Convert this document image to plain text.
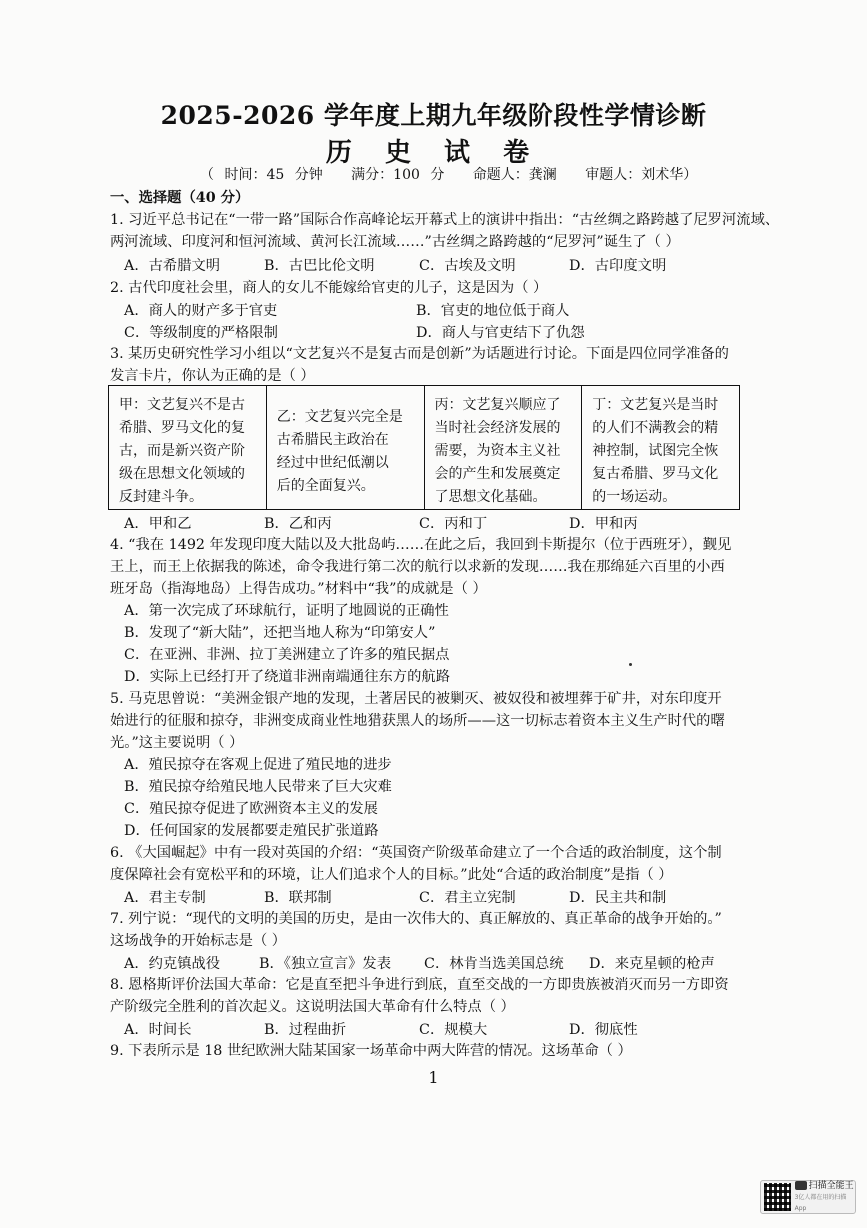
2025-2026 学年度上期九年级阶段性学情诊断
历 史 试 卷
（ 时间：45 分钟 满分：100 分 命题人：龚澜 审题人：刘术华）
一、选择题（40 分）
1. 习近平总书记在“一带一路”国际合作高峰论坛开幕式上的演讲中指出：“古丝绸之路跨越了尼罗河流域、
两河流域、印度河和恒河流域、黄河长江流域……”古丝绸之路跨越的“尼罗河”诞生了（ ）
A．古希腊文明	B．古巴比伦文明	C．古埃及文明	D．古印度文明
2. 古代印度社会里，商人的女儿不能嫁给官吏的儿子，这是因为（ ）
A．商人的财产多于官吏	B．官吏的地位低于商人
C．等级制度的严格限制	D．商人与官吏结下了仇怨
3. 某历史研究性学习小组以“文艺复兴不是复古而是创新”为话题进行讨论。下面是四位同学准备的
发言卡片，你认为正确的是（ ）
甲：文艺复兴不是古
希腊、罗马文化的复
古，而是新兴资产阶
级在思想文化领域的
反封建斗争。
乙：文艺复兴完全是
古希腊民主政治在
经过中世纪低潮以
后的全面复兴。
丙：文艺复兴顺应了
当时社会经济发展的
需要，为资本主义社
会的产生和发展奠定
了思想文化基础。
丁：文艺复兴是当时
的人们不满教会的精
神控制，试图完全恢
复古希腊、罗马文化
的一场运动。
A．甲和乙	B．乙和丙	C．丙和丁	D．甲和丙
4. “我在 1492 年发现印度大陆以及大批岛屿……在此之后，我回到卡斯提尔（位于西班牙），觐见
王上，而王上依据我的陈述，命令我进行第二次的航行以求新的发现……我在那绵延六百里的小西
班牙岛（指海地岛）上得告成功。”材料中“我”的成就是（ ）
A．第一次完成了环球航行，证明了地圆说的正确性
B．发现了“新大陆”，还把当地人称为“印第安人”
C．在亚洲、非洲、拉丁美洲建立了许多的殖民据点
D．实际上已经打开了绕道非洲南端通往东方的航路
5. 马克思曾说：“美洲金银产地的发现，土著居民的被剿灭、被奴役和被埋葬于矿井，对东印度开
始进行的征服和掠夺，非洲变成商业性地猎获黑人的场所——这一切标志着资本主义生产时代的曙
光。”这主要说明（ ）
A．殖民掠夺在客观上促进了殖民地的进步
B．殖民掠夺给殖民地人民带来了巨大灾难
C．殖民掠夺促进了欧洲资本主义的发展
D．任何国家的发展都要走殖民扩张道路
6. 《大国崛起》中有一段对英国的介绍：“英国资产阶级革命建立了一个合适的政治制度，这个制
度保障社会有宽松平和的环境，让人们追求个人的目标。”此处“合适的政治制度”是指（ ）
A．君主专制	B．联邦制	C．君主立宪制	D．民主共和制
7. 列宁说：“现代的文明的美国的历史，是由一次伟大的、真正解放的、真正革命的战争开始的。”
这场战争的开始标志是（ ）
A．约克镇战役	B．《独立宣言》发表 C．林肯当选美国总统 D．来克星顿的枪声
8. 恩格斯评价法国大革命：它是直至把斗争进行到底，直至交战的一方即贵族被消灭而另一方即资
产阶级完全胜利的首次起义。这说明法国大革命有什么特点（ ）
A．时间长	B．过程曲折	C．规模大	D．彻底性
9. 下表所示是 18 世纪欧洲大陆某国家一场革命中两大阵营的情况。这场革命（ ）
1
扫描全能王
3亿人都在用的扫描App
